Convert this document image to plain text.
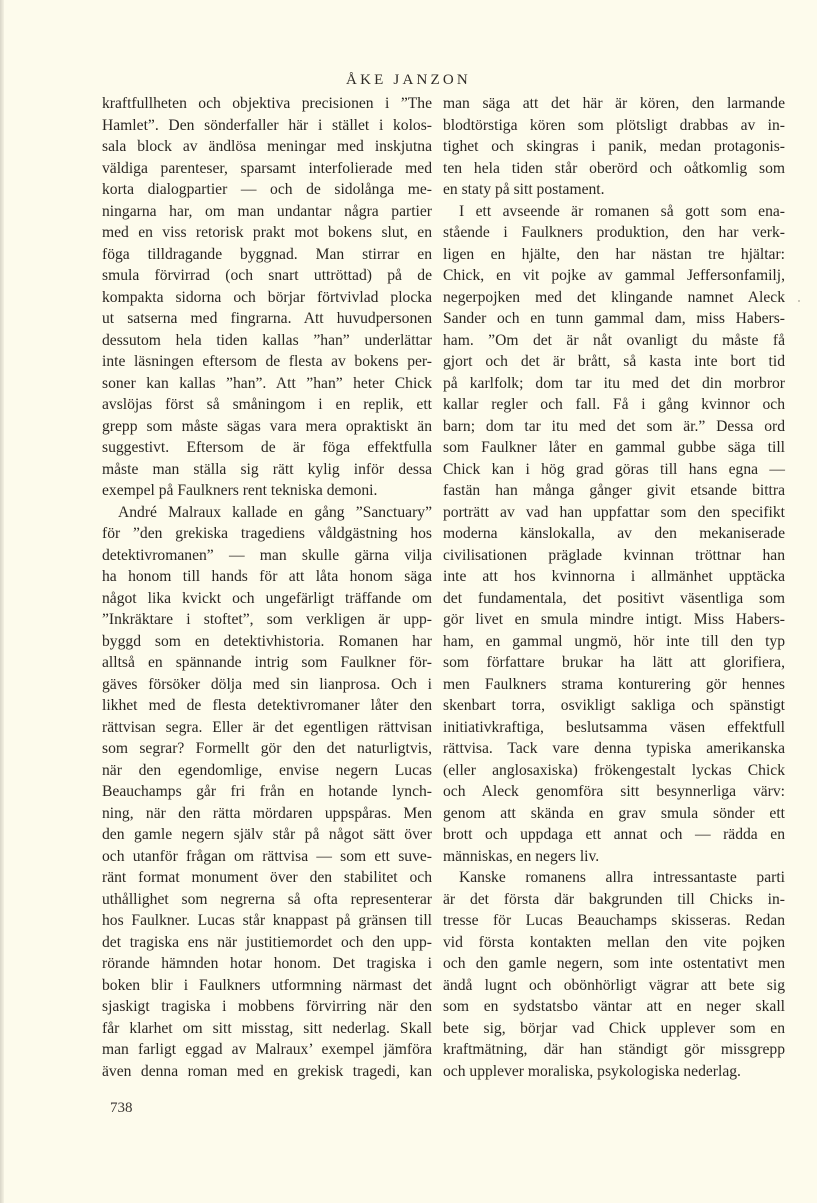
ÅKE JANZON
kraftfullheten och objektiva precisionen i ”The
Hamlet”. Den sönderfaller här i stället i kolos-
sala block av ändlösa meningar med inskjutna
väldiga parenteser, sparsamt interfolierade med
korta dialogpartier — och de sidolånga me-
ningarna har, om man undantar några partier
med en viss retorisk prakt mot bokens slut, en
föga tilldragande byggnad. Man stirrar en
smula förvirrad (och snart uttröttad) på de
kompakta sidorna och börjar förtvivlad plocka
ut satserna med fingrarna. Att huvudpersonen
dessutom hela tiden kallas ”han” underlättar
inte läsningen eftersom de flesta av bokens per-
soner kan kallas ”han”. Att ”han” heter Chick
avslöjas först så småningom i en replik, ett
grepp som måste sägas vara mera opraktiskt än
suggestivt. Eftersom de är föga effektfulla
måste man ställa sig rätt kylig inför dessa
exempel på Faulkners rent tekniska demoni.
André Malraux kallade en gång ”Sanctuary”
för ”den grekiska tragediens våldgästning hos
detektivromanen” — man skulle gärna vilja
ha honom till hands för att låta honom säga
något lika kvickt och ungefärligt träffande om
”Inkräktare i stoftet”, som verkligen är upp-
byggd som en detektivhistoria. Romanen har
alltså en spännande intrig som Faulkner för-
gäves försöker dölja med sin lianprosa. Och i
likhet med de flesta detektivromaner låter den
rättvisan segra. Eller är det egentligen rättvisan
som segrar? Formellt gör den det naturligtvis,
när den egendomlige, envise negern Lucas
Beauchamps går fri från en hotande lynch-
ning, när den rätta mördaren uppspåras. Men
den gamle negern själv står på något sätt över
och utanför frågan om rättvisa — som ett suve-
ränt format monument över den stabilitet och
uthållighet som negrerna så ofta representerar
hos Faulkner. Lucas står knappast på gränsen till
det tragiska ens när justitiemordet och den upp-
rörande hämnden hotar honom. Det tragiska i
boken blir i Faulkners utformning närmast det
sjaskigt tragiska i mobbens förvirring när den
får klarhet om sitt misstag, sitt nederlag. Skall
man farligt eggad av Malraux’ exempel jämföra
även denna roman med en grekisk tragedi, kan
man säga att det här är kören, den larmande
blodtörstiga kören som plötsligt drabbas av in-
tighet och skingras i panik, medan protagonis-
ten hela tiden står oberörd och oåtkomlig som
en staty på sitt postament.
I ett avseende är romanen så gott som ena-
stående i Faulkners produktion, den har verk-
ligen en hjälte, den har nästan tre hjältar:
Chick, en vit pojke av gammal Jeffersonfamilj,
negerpojken med det klingande namnet Aleck
Sander och en tunn gammal dam, miss Habers-
ham. ”Om det är nåt ovanligt du måste få
gjort och det är brått, så kasta inte bort tid
på karlfolk; dom tar itu med det din morbror
kallar regler och fall. Få i gång kvinnor och
barn; dom tar itu med det som är.” Dessa ord
som Faulkner låter en gammal gubbe säga till
Chick kan i hög grad göras till hans egna —
fastän han många gånger givit etsande bittra
porträtt av vad han uppfattar som den specifikt
moderna känslokalla, av den mekaniserade
civilisationen präglade kvinnan tröttnar han
inte att hos kvinnorna i allmänhet upptäcka
det fundamentala, det positivt väsentliga som
gör livet en smula mindre intigt. Miss Habers-
ham, en gammal ungmö, hör inte till den typ
som författare brukar ha lätt att glorifiera,
men Faulkners strama konturering gör hennes
skenbart torra, osvikligt sakliga och spänstigt
initiativkraftiga, beslutsamma väsen effektfull
rättvisa. Tack vare denna typiska amerikanska
(eller anglosaxiska) frökengestalt lyckas Chick
och Aleck genomföra sitt besynnerliga värv:
genom att skända en grav smula sönder ett
brott och uppdaga ett annat och — rädda en
människas, en negers liv.
Kanske romanens allra intressantaste parti
är det första där bakgrunden till Chicks in-
tresse för Lucas Beauchamps skisseras. Redan
vid första kontakten mellan den vite pojken
och den gamle negern, som inte ostentativt men
ändå lugnt och obönhörligt vägrar att bete sig
som en sydstatsbo väntar att en neger skall
bete sig, börjar vad Chick upplever som en
kraftmätning, där han ständigt gör missgrepp
och upplever moraliska, psykologiska nederlag.
738
